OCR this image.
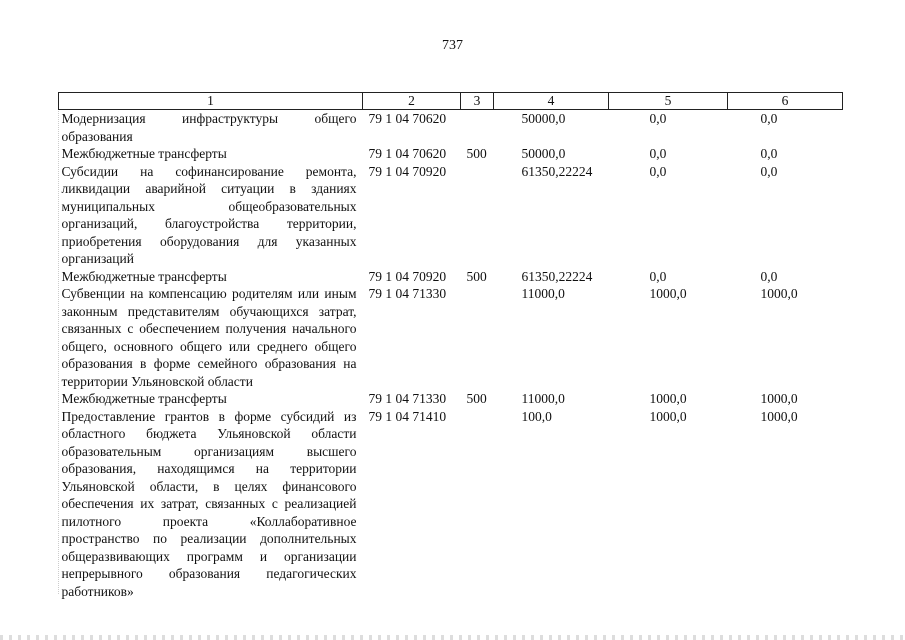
737
1	2	3	4	5	6
Модернизация инфраструктуры общего образования	79 1 04 70620		50000,0	0,0	0,0
Межбюджетные трансферты	79 1 04 70620	500	50000,0	0,0	0,0
Субсидии на софинансирование ремонта, ликвидации аварийной ситуации в зданиях муниципальных общеобразовательных организаций, благоустройства территории, приобретения оборудования для указанных организаций	79 1 04 70920		61350,22224	0,0	0,0
Межбюджетные трансферты	79 1 04 70920	500	61350,22224	0,0	0,0
Субвенции на компенсацию родителям или иным законным представителям обучающихся затрат, связанных с обеспечением получения начального общего, основного общего или среднего общего образования в форме семейного образования на территории Ульяновской области	79 1 04 71330		11000,0	1000,0	1000,0
Межбюджетные трансферты	79 1 04 71330	500	11000,0	1000,0	1000,0
Предоставление грантов в форме субсидий из областного бюджета Ульяновской области образовательным организациям высшего образования, находящимся на территории Ульяновской области, в целях финансового обеспечения их затрат, связанных с реализацией пилотного проекта «Коллаборативное пространство по реализации дополнительных общеразвивающих программ и организации непрерывного образования педагогических работников»	79 1 04 71410		100,0	1000,0	1000,0
